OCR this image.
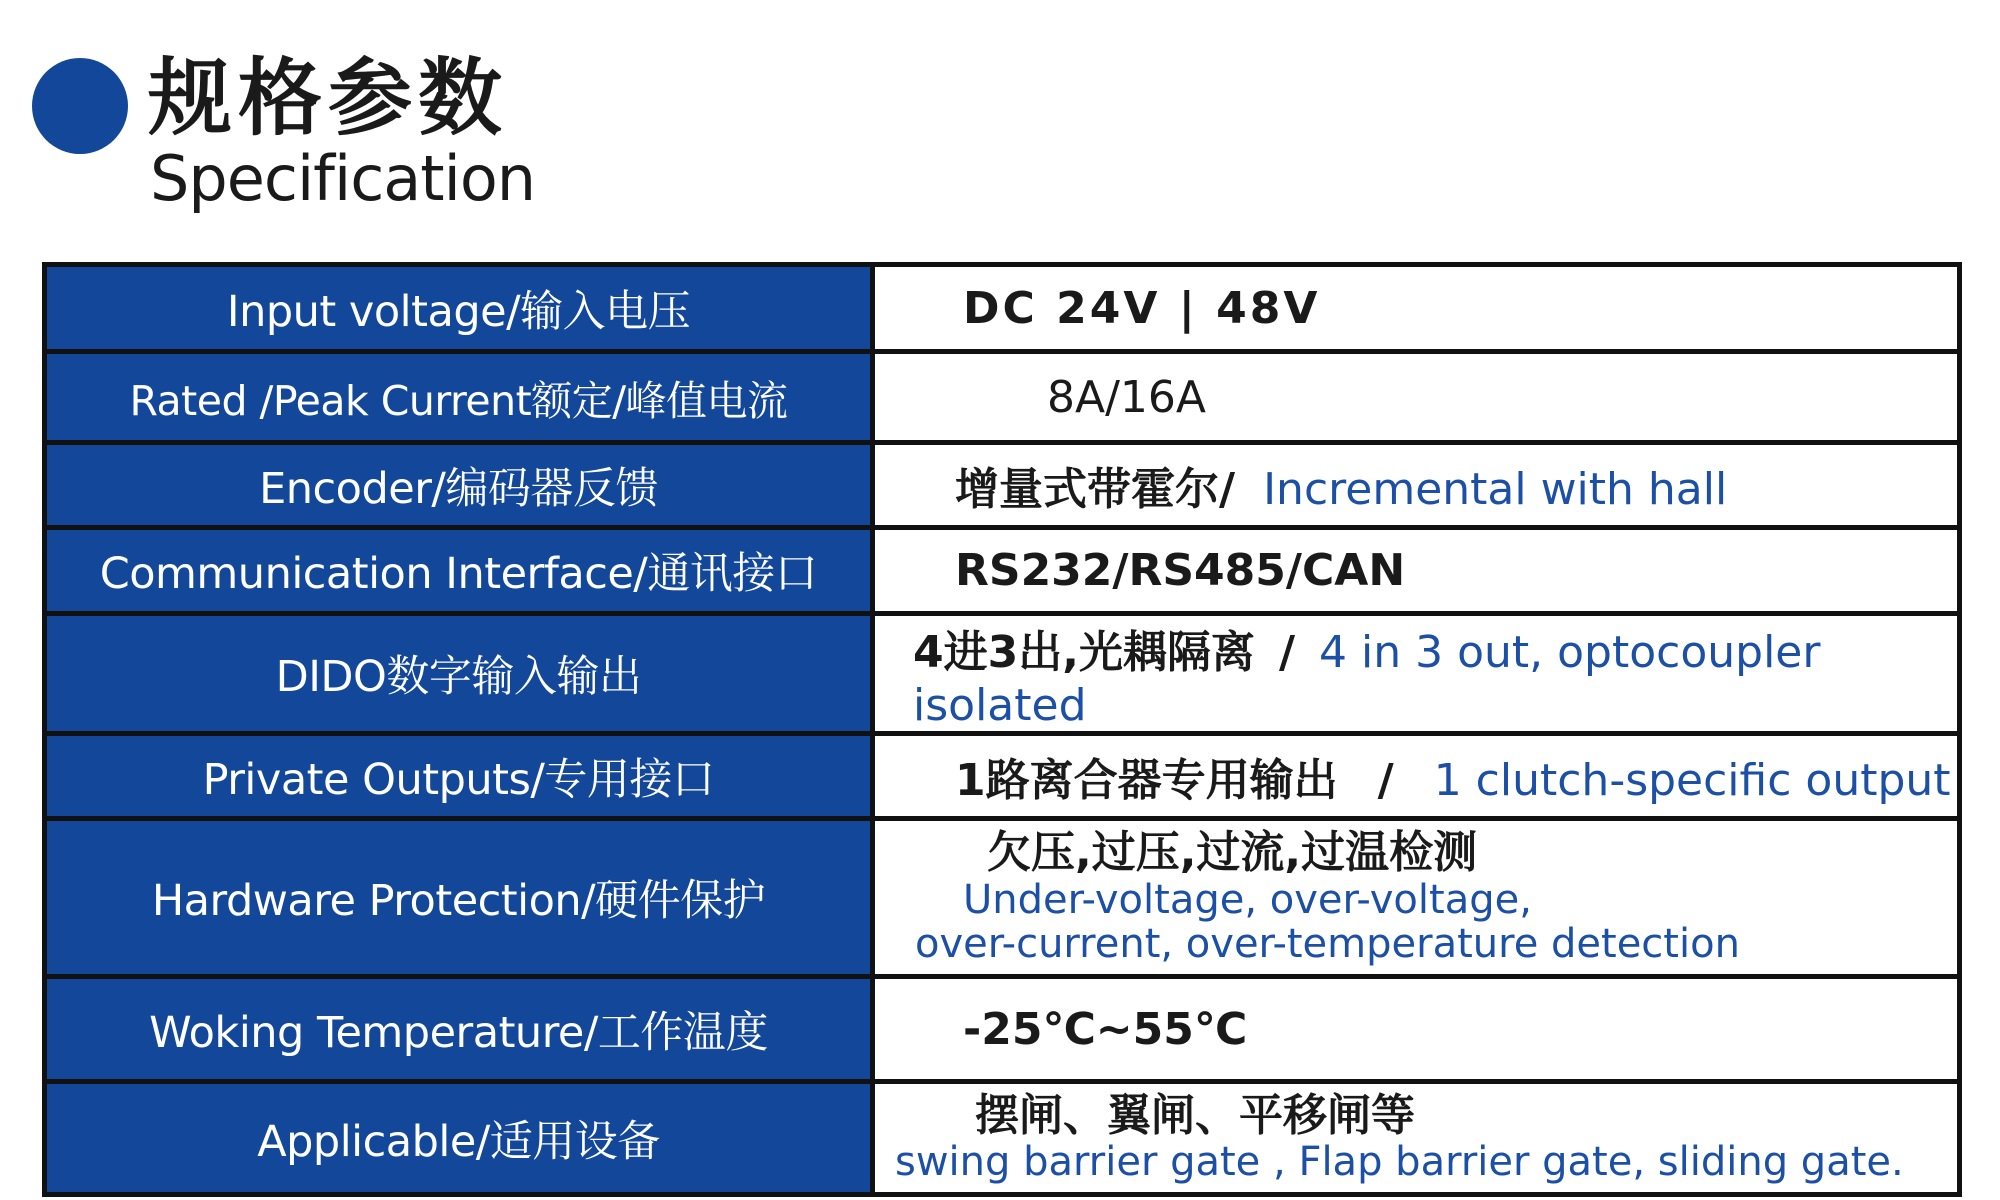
规格参数
Specification
Input voltage/输入电压	DC 24V | 48V
Rated /Peak Current额定/峰值电流	8A/16A
Encoder/编码器反馈	增量式带霍尔/ Incremental with hall
Communication Interface/通讯接口	RS232/RS485/CAN
DIDO数字输入输出	4进3出,光耦隔离 / 4 in 3 out, optocoupler isolated
Private Outputs/专用接口	1路离合器专用输出 / 1 clutch-specific output
Hardware Protection/硬件保护	欠压,过压,过流,过温检测
Under-voltage, over-voltage,
over-current, over-temperature detection

Woking Temperature/工作温度	-25℃~55℃
Applicable/适用设备	摆闸、翼闸、平移闸等
swing barrier gate , Flap barrier gate, sliding gate.
